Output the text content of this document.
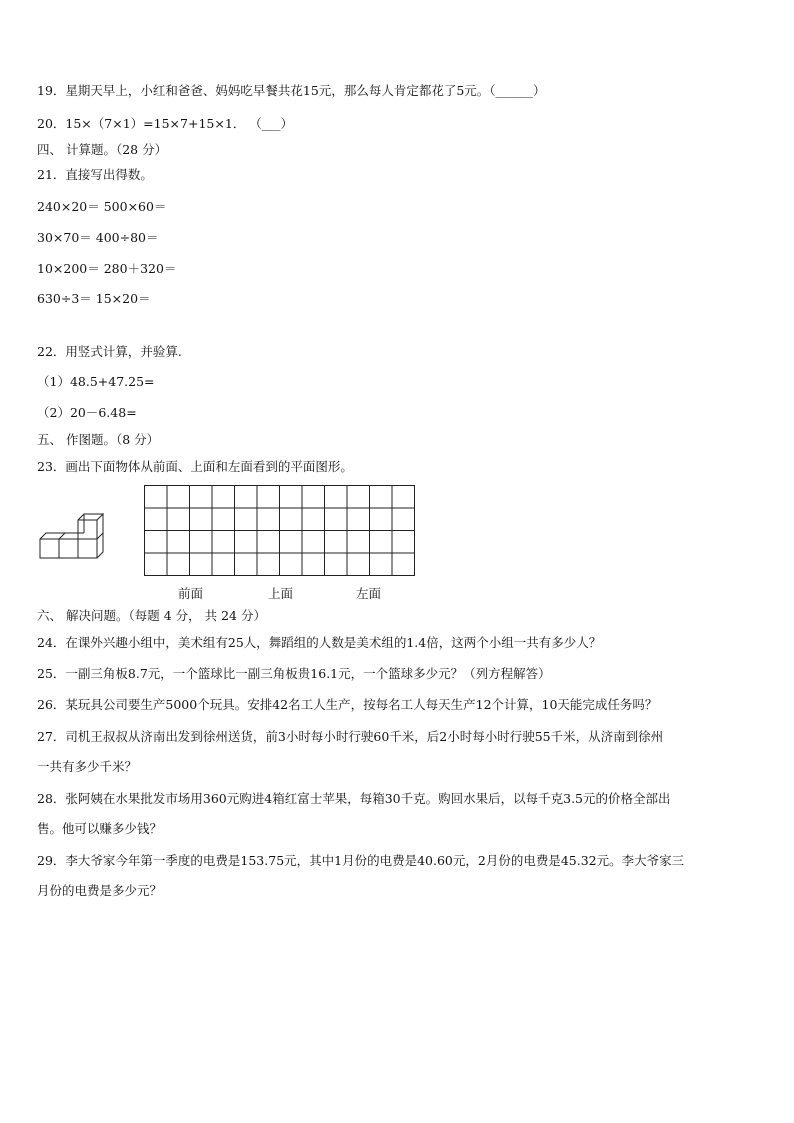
19．星期天早上，小红和爸爸、妈妈吃早餐共花15元，那么每人肯定都花了5元。（______）
20．15×（7×1）=15×7+15×1． （___）
四、 计算题。（28 分）
21．直接写出得数。
240×20＝ 500×60＝
30×70＝ 400÷80＝
10×200＝ 280＋320＝
630÷3＝ 15×20＝
22．用竖式计算，并验算.
（1）48.5+47.25=
（2）20－6.48=
五、 作图题。（8 分）
23．画出下面物体从前面、上面和左面看到的平面图形。
前面	上面	左面
六、 解决问题。（每题 4 分， 共 24 分）
24．在课外兴趣小组中，美术组有25人，舞蹈组的人数是美术组的1.4倍，这两个小组一共有多少人？
25．一副三角板8.7元，一个篮球比一副三角板贵16.1元，一个篮球多少元？（列方程解答）
26．某玩具公司要生产5000个玩具。安排42名工人生产，按每名工人每天生产12个计算，10天能完成任务吗？
27．司机王叔叔从济南出发到徐州送货，前3小时每小时行驶60千米，后2小时每小时行驶55千米，从济南到徐州
一共有多少千米？
28．张阿姨在水果批发市场用360元购进4箱红富士苹果，每箱30千克。购回水果后，以每千克3.5元的价格全部出
售。他可以赚多少钱？
29．李大爷家今年第一季度的电费是153.75元，其中1月份的电费是40.60元，2月份的电费是45.32元。李大爷家三
月份的电费是多少元？
